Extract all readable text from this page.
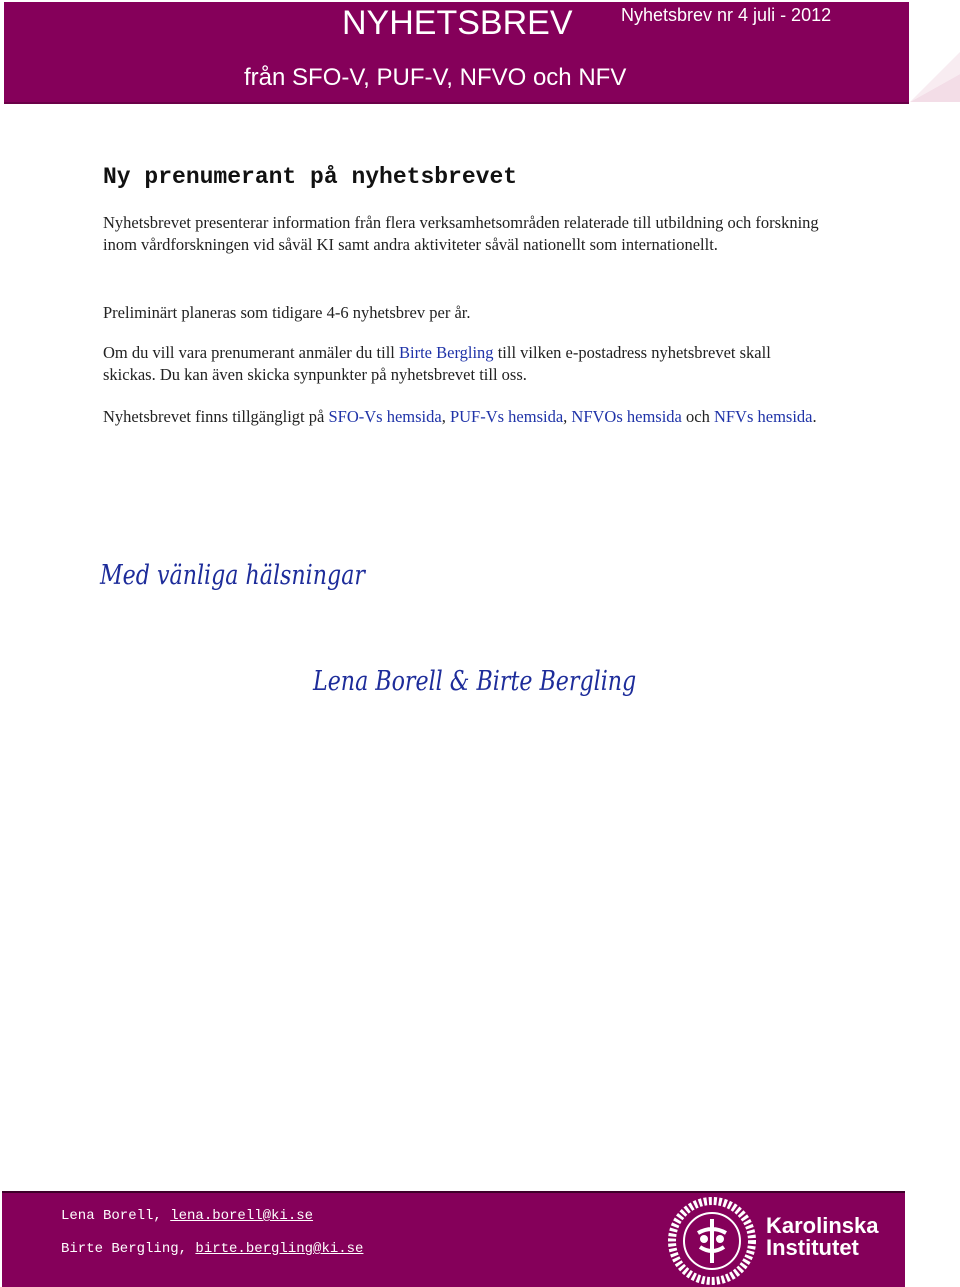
NYHETSBREV	Nyhetsbrev nr 4 juli - 2012
från SFO-V, PUF-V, NFVO och NFV
Ny prenumerant på nyhetsbrevet

Nyhetsbrevet presenterar information från flera verksamhetsområden relaterade till utbildning och forskning inom vårdforskningen vid såväl KI samt andra aktiviteter såväl nationellt som internationellt.

Preliminärt planeras som tidigare 4-6 nyhetsbrev per år.

Om du vill vara prenumerant anmäler du till Birte Bergling till vilken e-postadress nyhetsbrevet skall skickas. Du kan även skicka synpunkter på nyhetsbrevet till oss.

Nyhetsbrevet finns tillgängligt på SFO-Vs hemsida, PUF-Vs hemsida, NFVOs hemsida och NFVs hemsida.

Med vänliga hälsningar
Lena Borell & Birte Bergling
Lena Borell, lena.borell@ki.se
Birte Bergling, birte.bergling@ki.se
Karolinska
Institutet
